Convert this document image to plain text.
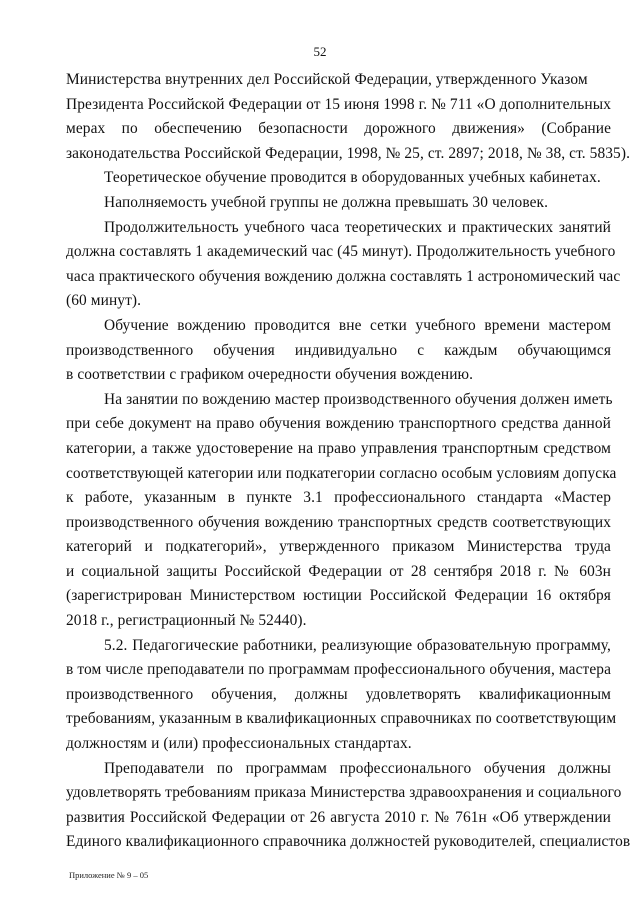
52
Министерства внутренних дел Российской Федерации, утвержденного Указом
Президента Российской Федерации от 15 июня 1998 г. № 711 «О дополнительных
мерах по обеспечению безопасности дорожного движения» (Собрание
законодательства Российской Федерации, 1998, № 25, ст. 2897; 2018, № 38, ст. 5835).
Теоретическое обучение проводится в оборудованных учебных кабинетах.
Наполняемость учебной группы не должна превышать 30 человек.
Продолжительность учебного часа теоретических и практических занятий
должна составлять 1 академический час (45 минут). Продолжительность учебного
часа практического обучения вождению должна составлять 1 астрономический час
(60 минут).
Обучение вождению проводится вне сетки учебного времени мастером
производственного обучения индивидуально с каждым обучающимся
в соответствии с графиком очередности обучения вождению.
На занятии по вождению мастер производственного обучения должен иметь
при себе документ на право обучения вождению транспортного средства данной
категории, а также удостоверение на право управления транспортным средством
соответствующей категории или подкатегории согласно особым условиям допуска
к работе, указанным в пункте 3.1 профессионального стандарта «Мастер
производственного обучения вождению транспортных средств соответствующих
категорий и подкатегорий», утвержденного приказом Министерства труда
и социальной защиты Российской Федерации от 28 сентября 2018 г. № 603н
(зарегистрирован Министерством юстиции Российской Федерации 16 октября
2018 г., регистрационный № 52440).
5.2. Педагогические работники, реализующие образовательную программу,
в том числе преподаватели по программам профессионального обучения, мастера
производственного обучения, должны удовлетворять квалификационным
требованиям, указанным в квалификационных справочниках по соответствующим
должностям и (или) профессиональных стандартах.
Преподаватели по программам профессионального обучения должны
удовлетворять требованиям приказа Министерства здравоохранения и социального
развития Российской Федерации от 26 августа 2010 г. № 761н «Об утверждении
Единого квалификационного справочника должностей руководителей, специалистов
Приложение № 9 – 05
